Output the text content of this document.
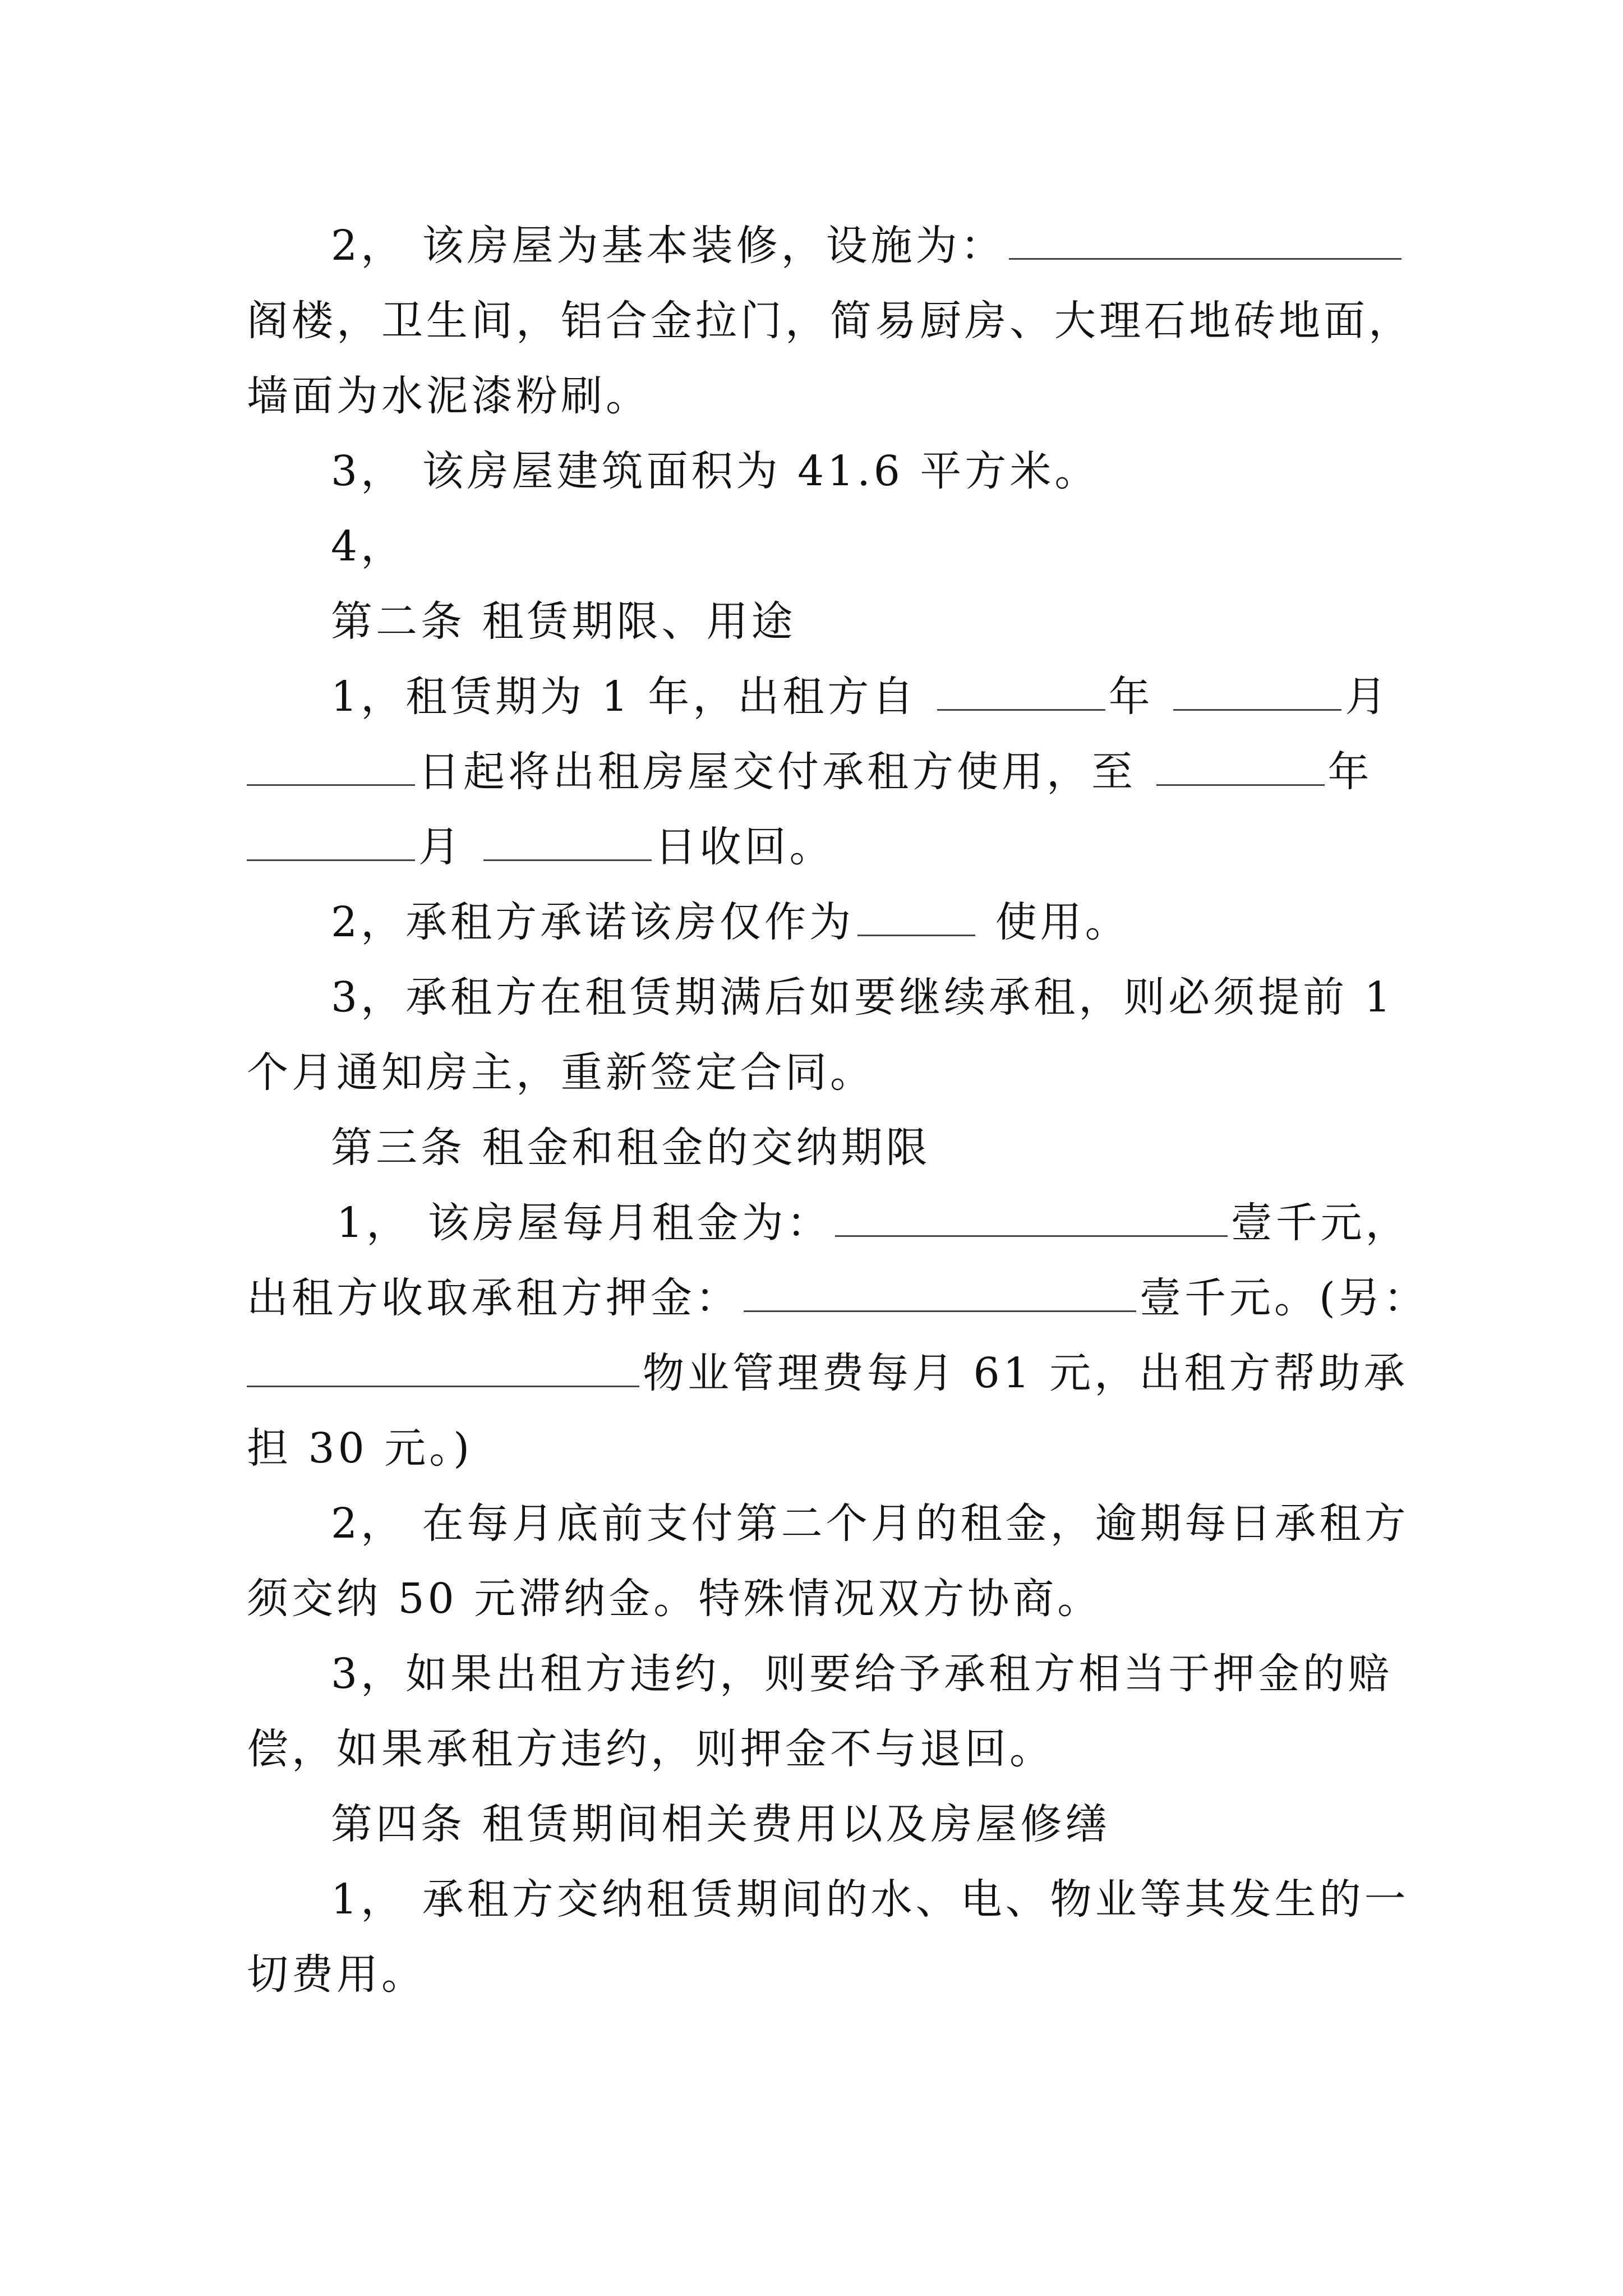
2， 该房屋为基本装修，设施为：
阁楼，卫生间，铝合金拉门，简易厨房、大理石地砖地面，
墙面为水泥漆粉刷。
3， 该房屋建筑面积为 41.6 平方米。
4，
第二条 租赁期限、用途
1，租赁期为 1 年，出租方自	年	月
日起将出租房屋交付承租方使用，至	年
月	日收回。
2，承租方承诺该房仅作为	使用。
3，承租方在租赁期满后如要继续承租，则必须提前 1
个月通知房主，重新签定合同。
第三条 租金和租金的交纳期限
1， 该房屋每月租金为：	壹千元，
出租方收取承租方押金：	壹千元。(另：
物业管理费每月 61 元，出租方帮助承
担 30 元。)
2， 在每月底前支付第二个月的租金，逾期每日承租方
须交纳 50 元滞纳金。特殊情况双方协商。
3，如果出租方违约，则要给予承租方相当于押金的赔
偿，如果承租方违约，则押金不与退回。
第四条 租赁期间相关费用以及房屋修缮
1， 承租方交纳租赁期间的水、电、物业等其发生的一
切费用。
